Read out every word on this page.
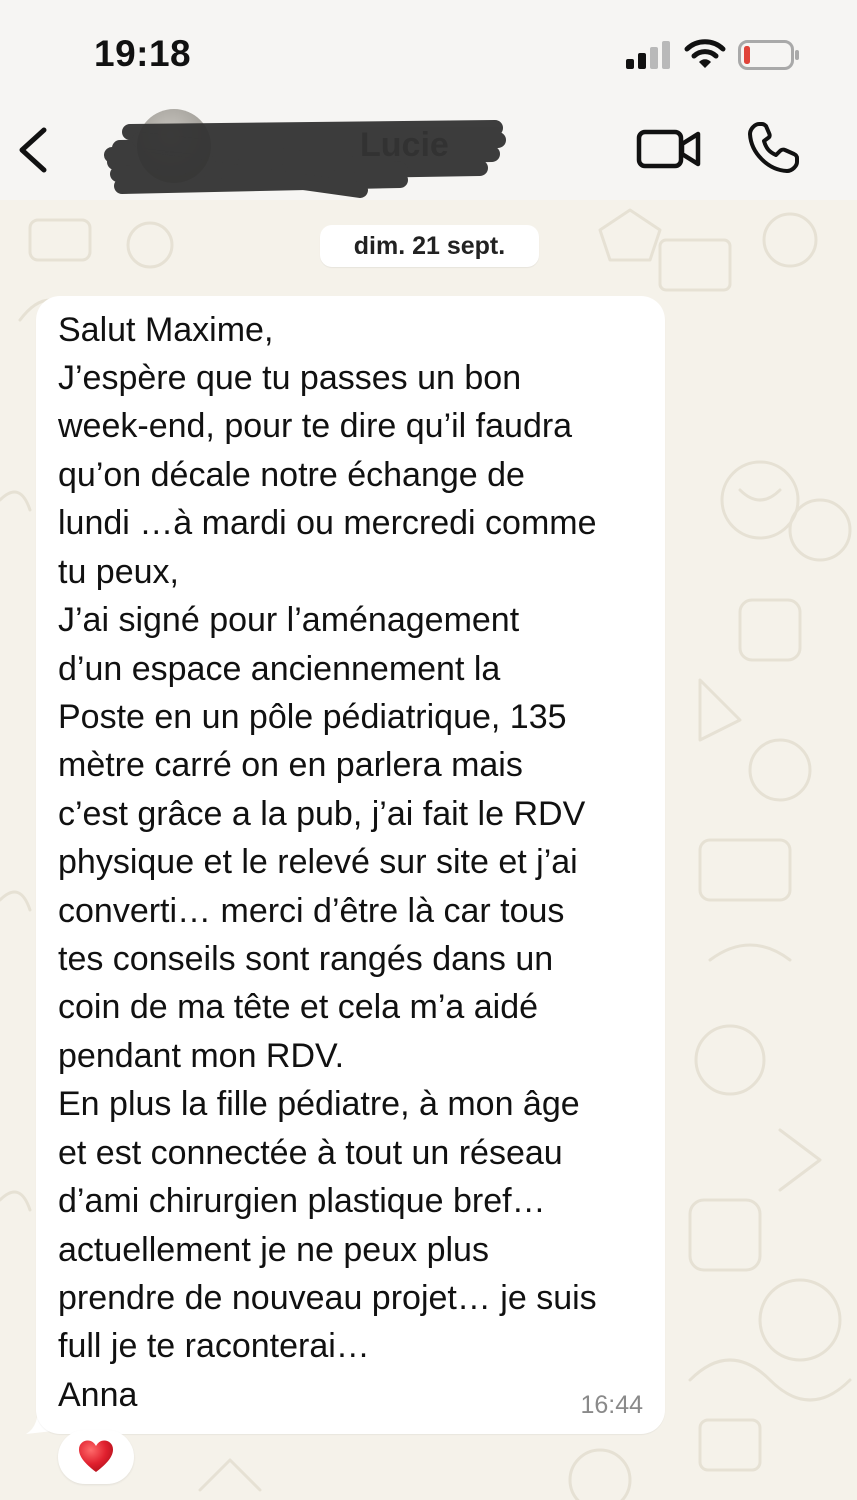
19:18
Lucie
dim. 21 sept.
Salut Maxime,
J’espère que tu passes un bon
week-end, pour te dire qu’il faudra
qu’on décale notre échange de
lundi …à mardi ou mercredi comme
tu peux,
J’ai signé pour l’aménagement
d’un espace anciennement la
Poste en un pôle pédiatrique, 135
mètre carré on en parlera mais
c’est grâce a la pub, j’ai fait le RDV
physique et le relevé sur site et j’ai
converti… merci d’être là car tous
tes conseils sont rangés dans un
coin de ma tête et cela m’a aidé
pendant mon RDV.
En plus la fille pédiatre, à mon âge
et est connectée à tout un réseau
d’ami chirurgien plastique bref…
actuellement je ne peux plus
prendre de nouveau projet… je suis
full je te raconterai…
Anna	16:44
